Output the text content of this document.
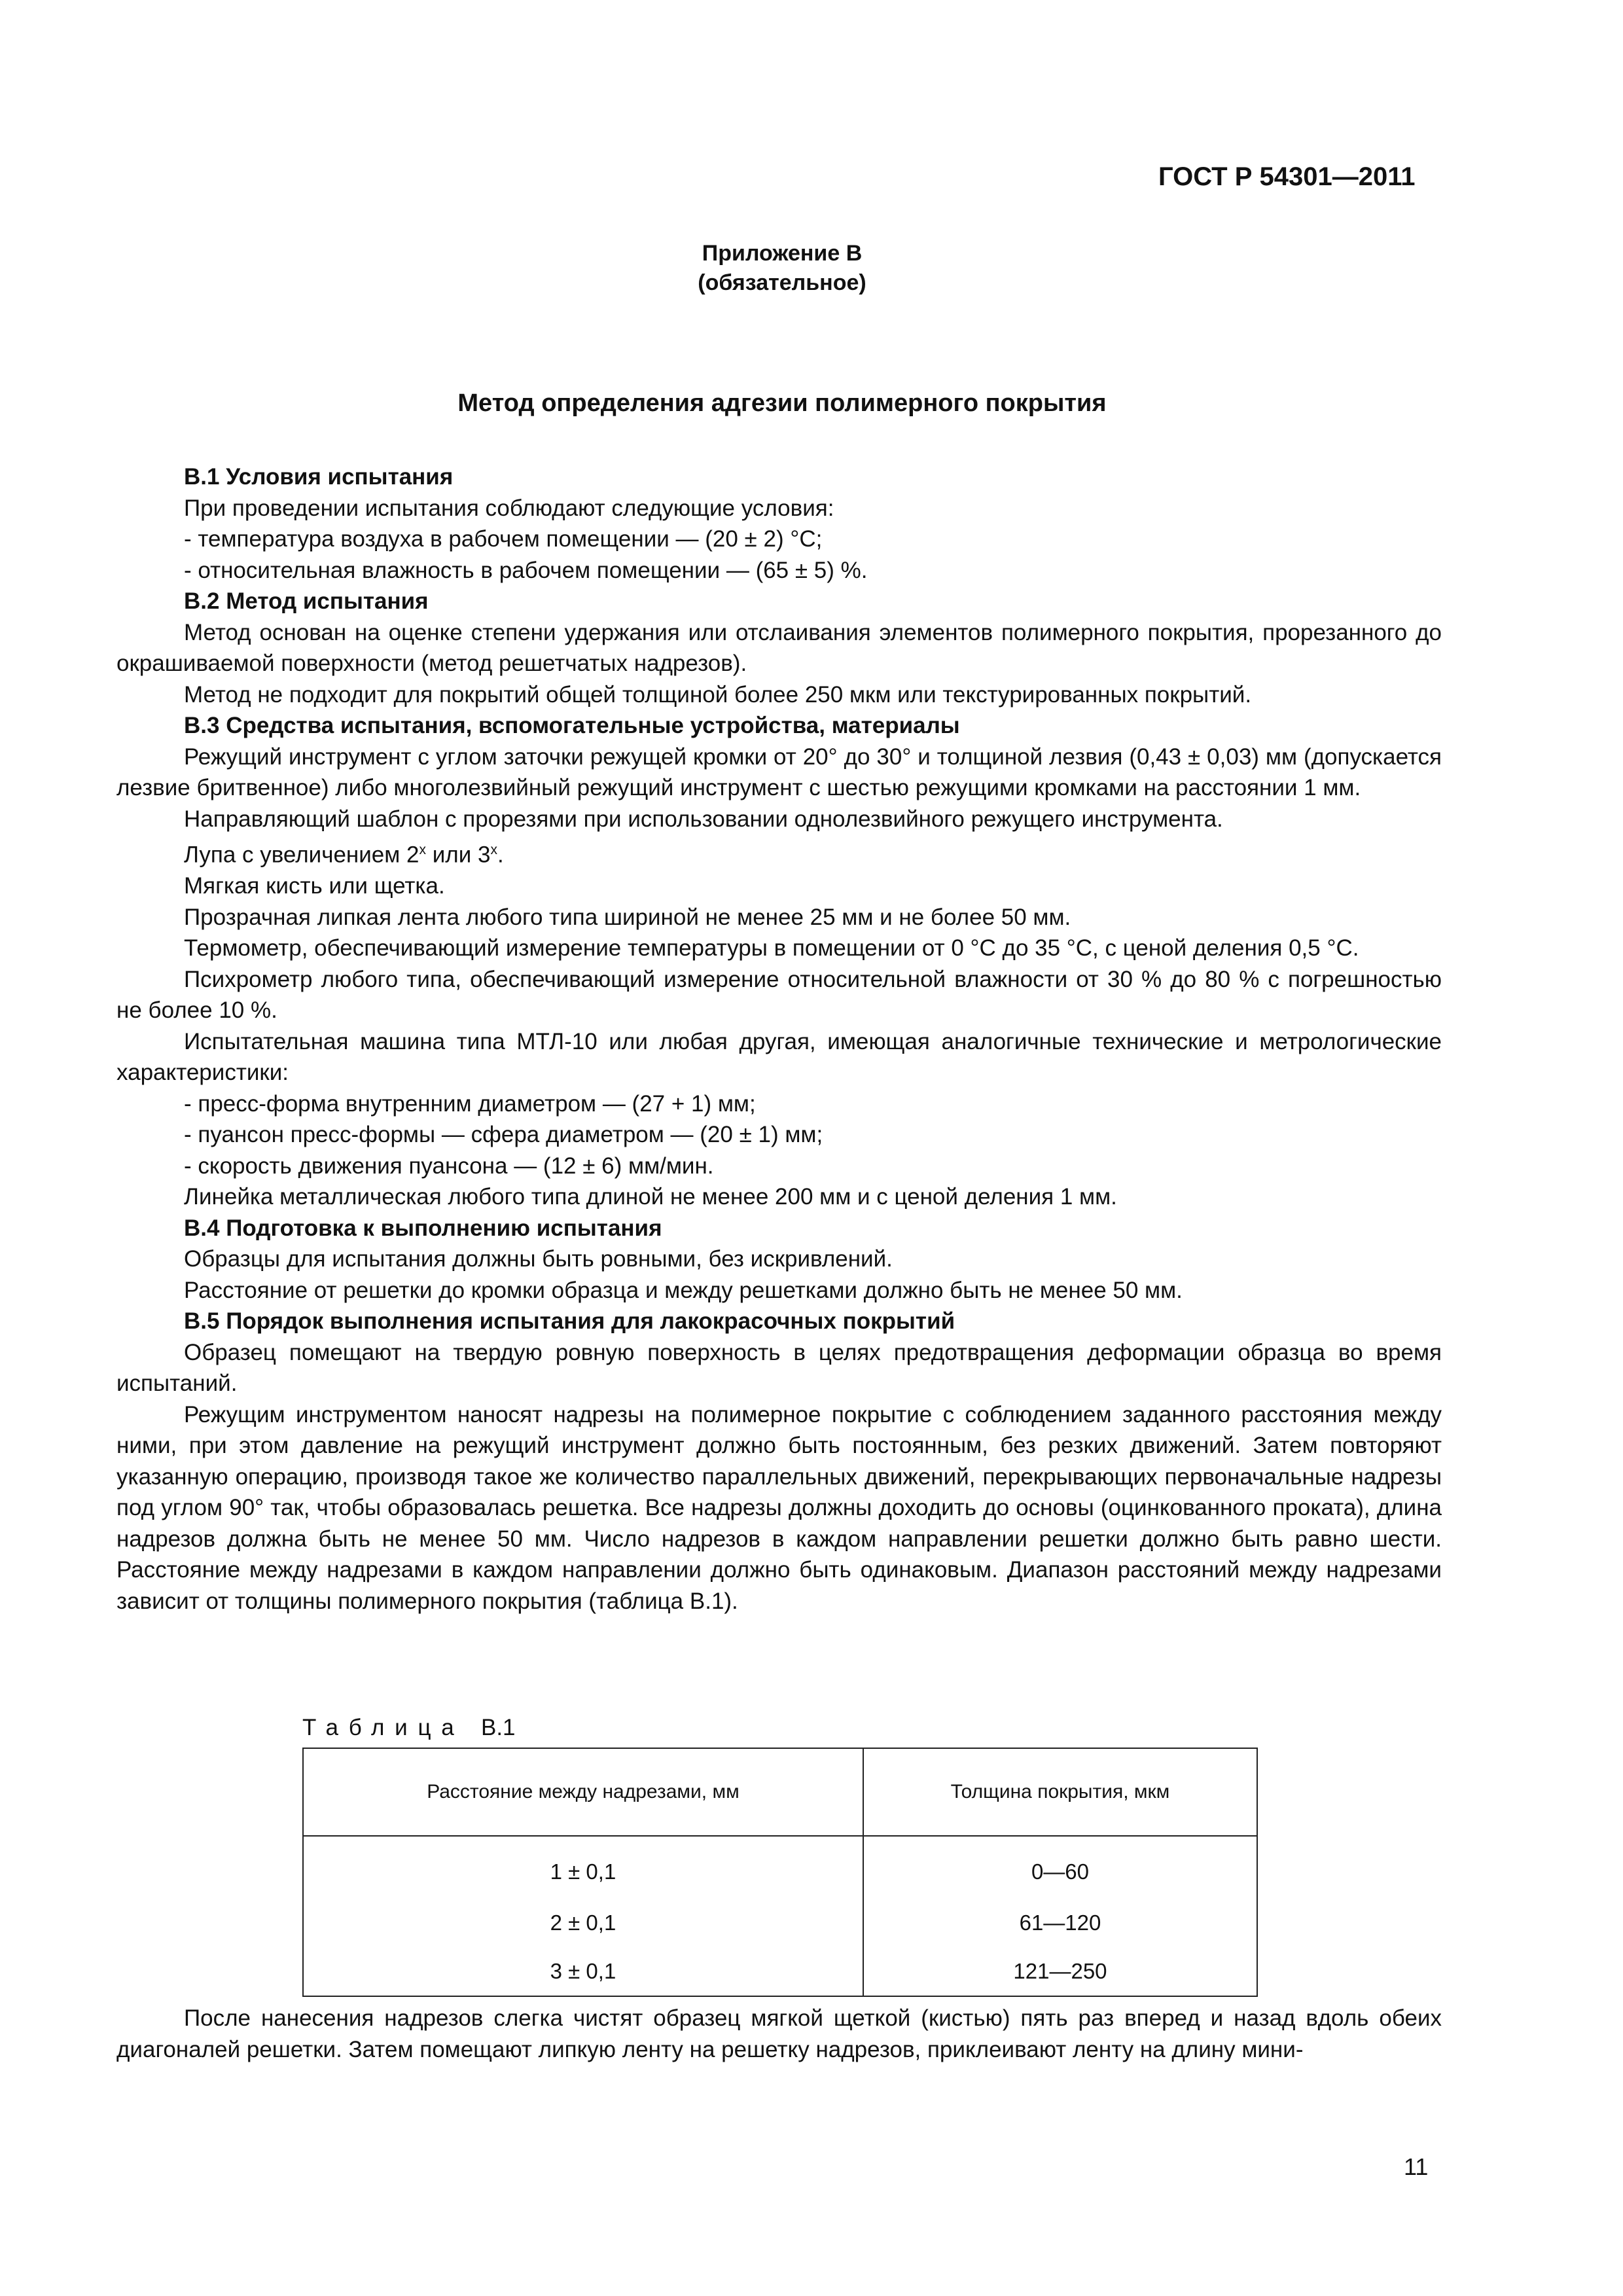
ГОСТ Р 54301—2011
Приложение В
(обязательное)
Метод определения адгезии полимерного покрытия
В.1 Условия испытания

При проведении испытания соблюдают следующие условия:

- температура воздуха в рабочем помещении — (20 ± 2) °С;

- относительная влажность в рабочем помещении — (65 ± 5) %.

В.2 Метод испытания

Метод основан на оценке степени удержания или отслаивания элементов полимерного покрытия, прорезанного до окрашиваемой поверхности (метод решетчатых надрезов).

Метод не подходит для покрытий общей толщиной более 250 мкм или текстурированных покрытий.

В.3 Средства испытания, вспомогательные устройства, материалы

Режущий инструмент с углом заточки режущей кромки от 20° до 30° и толщиной лезвия (0,43 ± 0,03) мм (допускается лезвие бритвенное) либо многолезвийный режущий инструмент с шестью режущими кромками на расстоянии 1 мм.

Направляющий шаблон с прорезями при использовании однолезвийного режущего инструмента.

Лупа с увеличением $2^х$ или $3^х$.

Мягкая кисть или щетка.

Прозрачная липкая лента любого типа шириной не менее 25 мм и не более 50 мм.

Термометр, обеспечивающий измерение температуры в помещении от 0 °С до 35 °С, с ценой деления 0,5 °С.

Психрометр любого типа, обеспечивающий измерение относительной влажности от 30 % до 80 % с погрешностью не более 10 %.

Испытательная машина типа МТЛ-10 или любая другая, имеющая аналогичные технические и метрологические характеристики:

- пресс-форма внутренним диаметром — (27 + 1) мм;

- пуансон пресс-формы — сфера диаметром — (20 ± 1) мм;

- скорость движения пуансона — (12 ± 6) мм/мин.

Линейка металлическая любого типа длиной не менее 200 мм и с ценой деления 1 мм.

В.4 Подготовка к выполнению испытания

Образцы для испытания должны быть ровными, без искривлений.

Расстояние от решетки до кромки образца и между решетками должно быть не менее 50 мм.

В.5 Порядок выполнения испытания для лакокрасочных покрытий

Образец помещают на твердую ровную поверхность в целях предотвращения деформации образца во время испытаний.

Режущим инструментом наносят надрезы на полимерное покрытие с соблюдением заданного расстояния между ними, при этом давление на режущий инструмент должно быть постоянным, без резких движений. Затем повторяют указанную операцию, производя такое же количество параллельных движений, перекрывающих первоначальные надрезы под углом 90° так, чтобы образовалась решетка. Все надрезы должны доходить до основы (оцинкованного проката), длина надрезов должна быть не менее 50 мм. Число надрезов в каждом направлении решетки должно быть равно шести. Расстояние между надрезами в каждом направлении должно быть одинаковым. Диапазон расстояний между надрезами зависит от толщины полимерного покрытия (таблица В.1).

Таблица В.1
Расстояние между надрезами, мм	Толщина покрытия, мкм
1 ± 0,1	0—60
2 ± 0,1	61—120
3 ± 0,1	121—250

После нанесения надрезов слегка чистят образец мягкой щеткой (кистью) пять раз вперед и назад вдоль обеих диагоналей решетки. Затем помещают липкую ленту на решетку надрезов, приклеивают ленту на длину мини-

11
